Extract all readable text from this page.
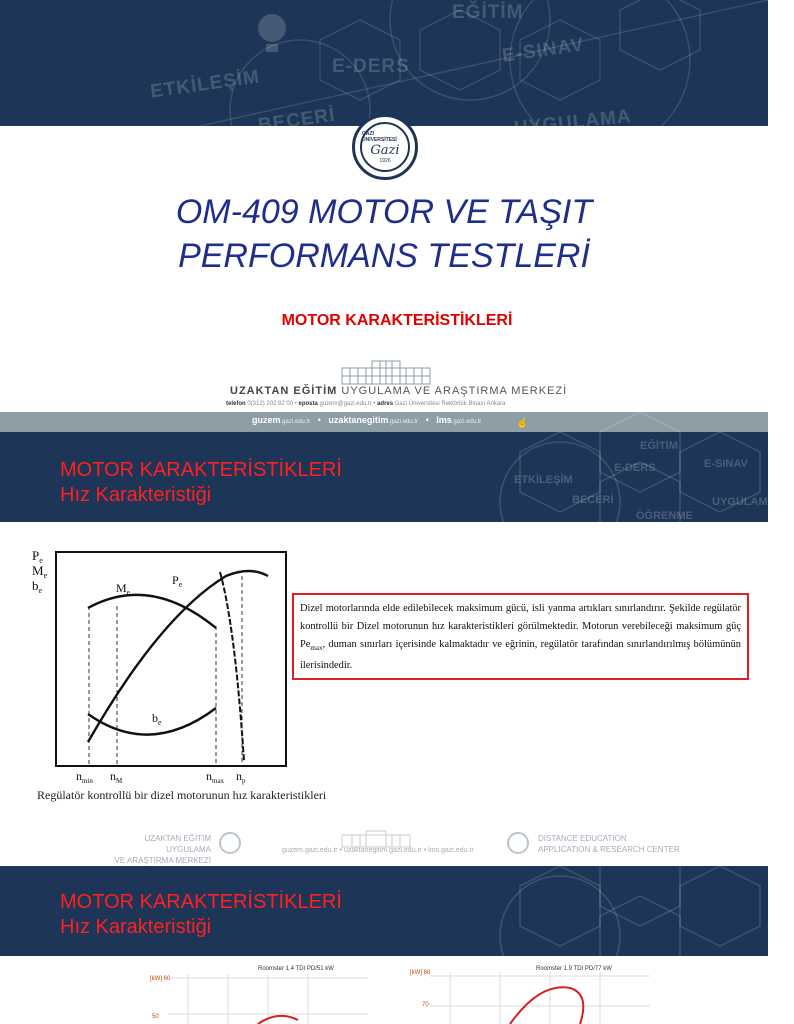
EĞİTİM
E-SINAV
E-DERS
ETKİLEŞİM
BECERİ	UYGULAMA
GAZİ ÜNİVERSİTESİ
Gazi
1926
OM-409 MOTOR VE TAŞIT
PERFORMANS TESTLERİ
MOTOR KARAKTERİSTİKLERİ
UZAKTAN EĞİTİM UYGULAMA VE ARAŞTIRMA MERKEZİ
telefon 0(312) 202 82 00 • eposta guzem@gazi.edu.tr • adres Gazi Üniversitesi Rektörlük Binası Ankara
guzem.gazi.edu.tr   •   uzaktanegitim.gazi.edu.tr   •   lms.gazi.edu.tr	☝
MOTOR KARAKTERİSTİKLERİ
Hız Karakteristiği
EĞİTİM
E-DERS	E-SINAV
ETKİLEŞİM
BECERİ	UYGULAMA
ÖĞRENME
$P_e$
$M_e$
$b_e$	$M_e$
$P_e$
$b_e$
$n_{min}$ $n_M$	$n_{max}$ $n_p$
Dizel motorlarında elde edilebilecek maksimum gücü, isli yanma artıkları sınırlandırır. Şekilde regülatör kontrollü bir Dizel motorunun hız karakteristikleri görülmektedir. Motorun verebileceği maksimum güç $Pe_{max}$, duman sınırları içerisinde kalmaktadır ve eğrinin, regülatör tarafından sınırlandırılmış bölümünün ilerisindedir.
Regülatör kontrollü bir dizel motorunun hız karakteristikleri
UZAKTAN EĞİTİM UYGULAMA
VE ARAŞTIRMA MERKEZİ
guzem.gazi.edu.tr • uzaktanegitim.gazi.edu.tr • lms.gazi.edu.tr
DISTANCE EDUCATION
APPLICATION & RESEARCH CENTER
MOTOR KARAKTERİSTİKLERİ
Hız Karakteristiği
Roomster 1.4 TDI PD/51 kW
[kW] 60
50
Roomster 1.9 TDI PD/77 kW
[kW] 80
70
